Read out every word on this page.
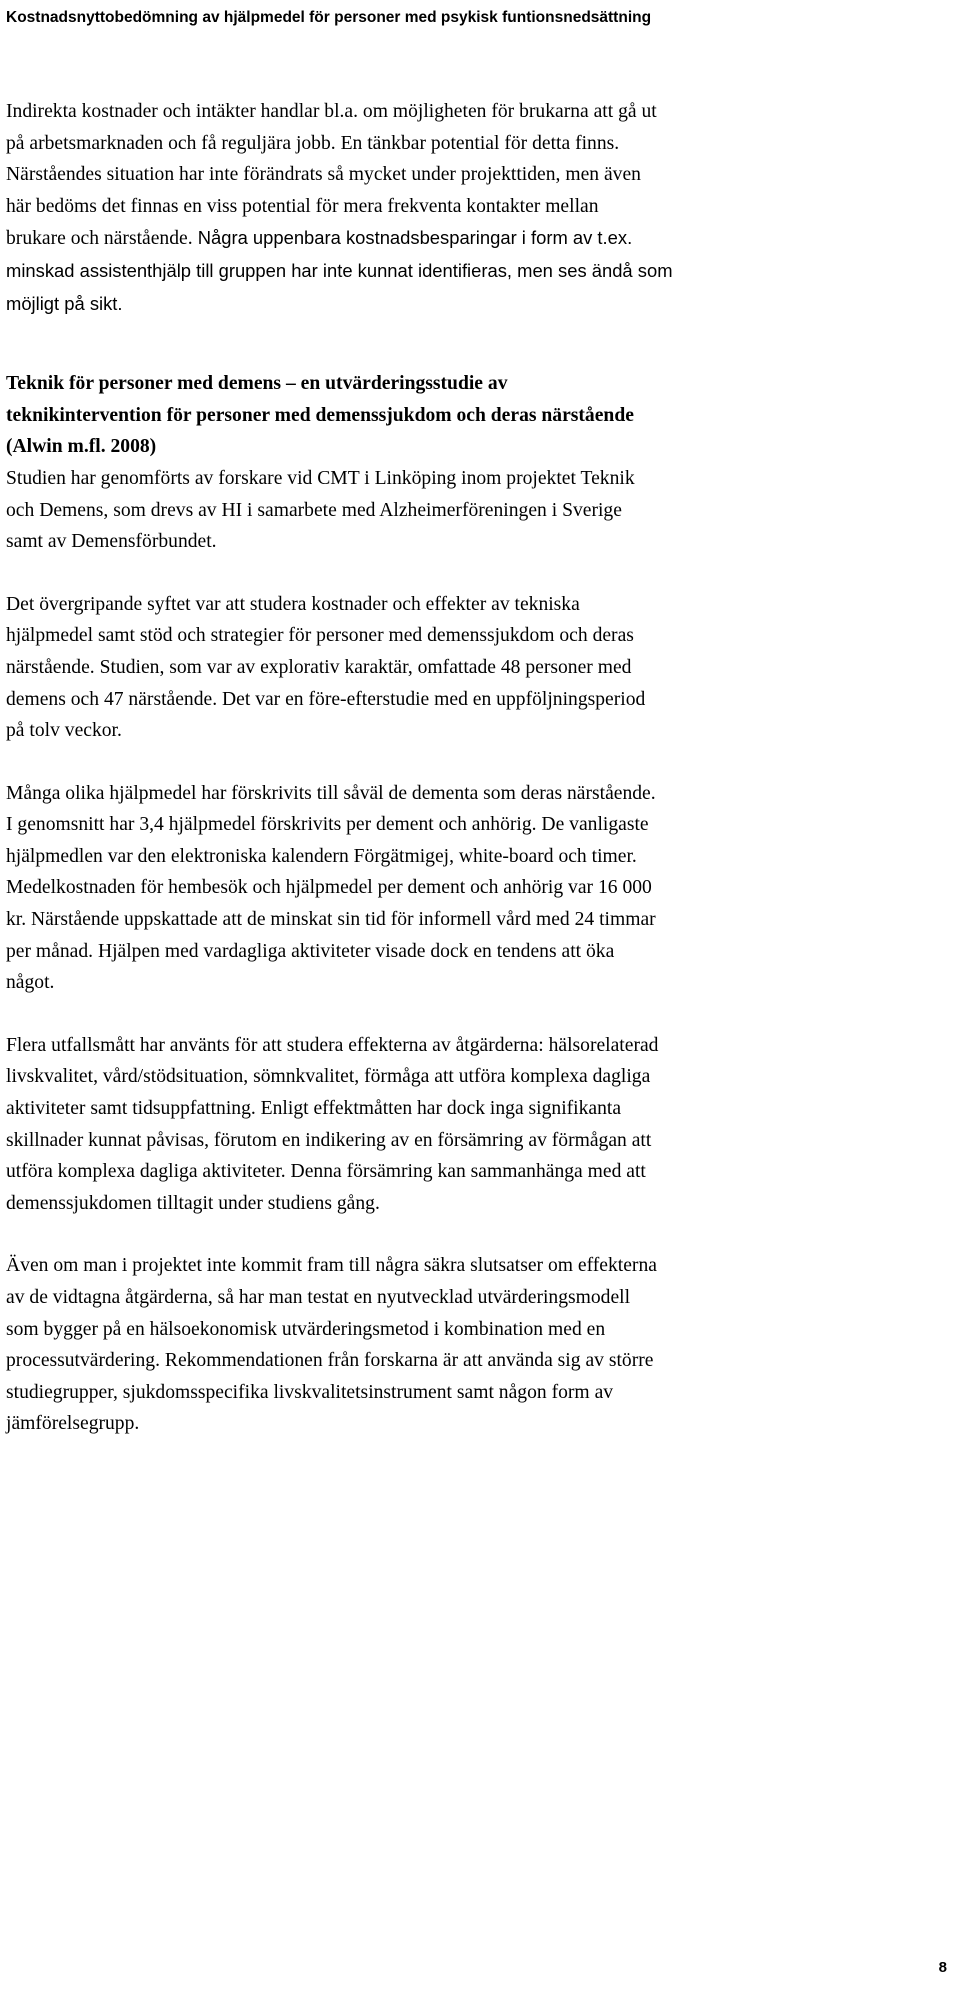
Kostnadsnyttobedömning av hjälpmedel för personer med psykisk funtionsnedsättning

Indirekta kostnader och intäkter handlar bl.a. om möjligheten för brukarna att gå ut
på arbetsmarknaden och få reguljära jobb. En tänkbar potential för detta finns.
Närståendes situation har inte förändrats så mycket under projekttiden, men även
här bedöms det finnas en viss potential för mera frekventa kontakter mellan
brukare och närstående. Några uppenbara kostnadsbesparingar i form av t.ex.
minskad assistenthjälp till gruppen har inte kunnat identifieras, men ses ändå som
möjligt på sikt.

Teknik för personer med demens – en utvärderingsstudie av
teknikintervention för personer med demenssjukdom och deras närstående
(Alwin m.fl. 2008)

Studien har genomförts av forskare vid CMT i Linköping inom projektet Teknik
och Demens, som drevs av HI i samarbete med Alzheimerföreningen i Sverige
samt av Demensförbundet.

Det övergripande syftet var att studera kostnader och effekter av tekniska
hjälpmedel samt stöd och strategier för personer med demenssjukdom och deras
närstående. Studien, som var av explorativ karaktär, omfattade 48 personer med
demens och 47 närstående. Det var en före-efterstudie med en uppföljningsperiod
på tolv veckor.

Många olika hjälpmedel har förskrivits till såväl de dementa som deras närstående.
I genomsnitt har 3,4 hjälpmedel förskrivits per dement och anhörig. De vanligaste
hjälpmedlen var den elektroniska kalendern Förgätmigej, white-board och timer.
Medelkostnaden för hembesök och hjälpmedel per dement och anhörig var 16 000
kr. Närstående uppskattade att de minskat sin tid för informell vård med 24 timmar
per månad. Hjälpen med vardagliga aktiviteter visade dock en tendens att öka
något.

Flera utfallsmått har använts för att studera effekterna av åtgärderna: hälsorelaterad
livskvalitet, vård/stödsituation, sömnkvalitet, förmåga att utföra komplexa dagliga
aktiviteter samt tidsuppfattning. Enligt effektmåtten har dock inga signifikanta
skillnader kunnat påvisas, förutom en indikering av en försämring av förmågan att
utföra komplexa dagliga aktiviteter. Denna försämring kan sammanhänga med att
demenssjukdomen tilltagit under studiens gång.

Även om man i projektet inte kommit fram till några säkra slutsatser om effekterna
av de vidtagna åtgärderna, så har man testat en nyutvecklad utvärderingsmodell
som bygger på en hälsoekonomisk utvärderingsmetod i kombination med en
processutvärdering. Rekommendationen från forskarna är att använda sig av större
studiegrupper, sjukdomsspecifika livskvalitetsinstrument samt någon form av
jämförelsegrupp.

8
